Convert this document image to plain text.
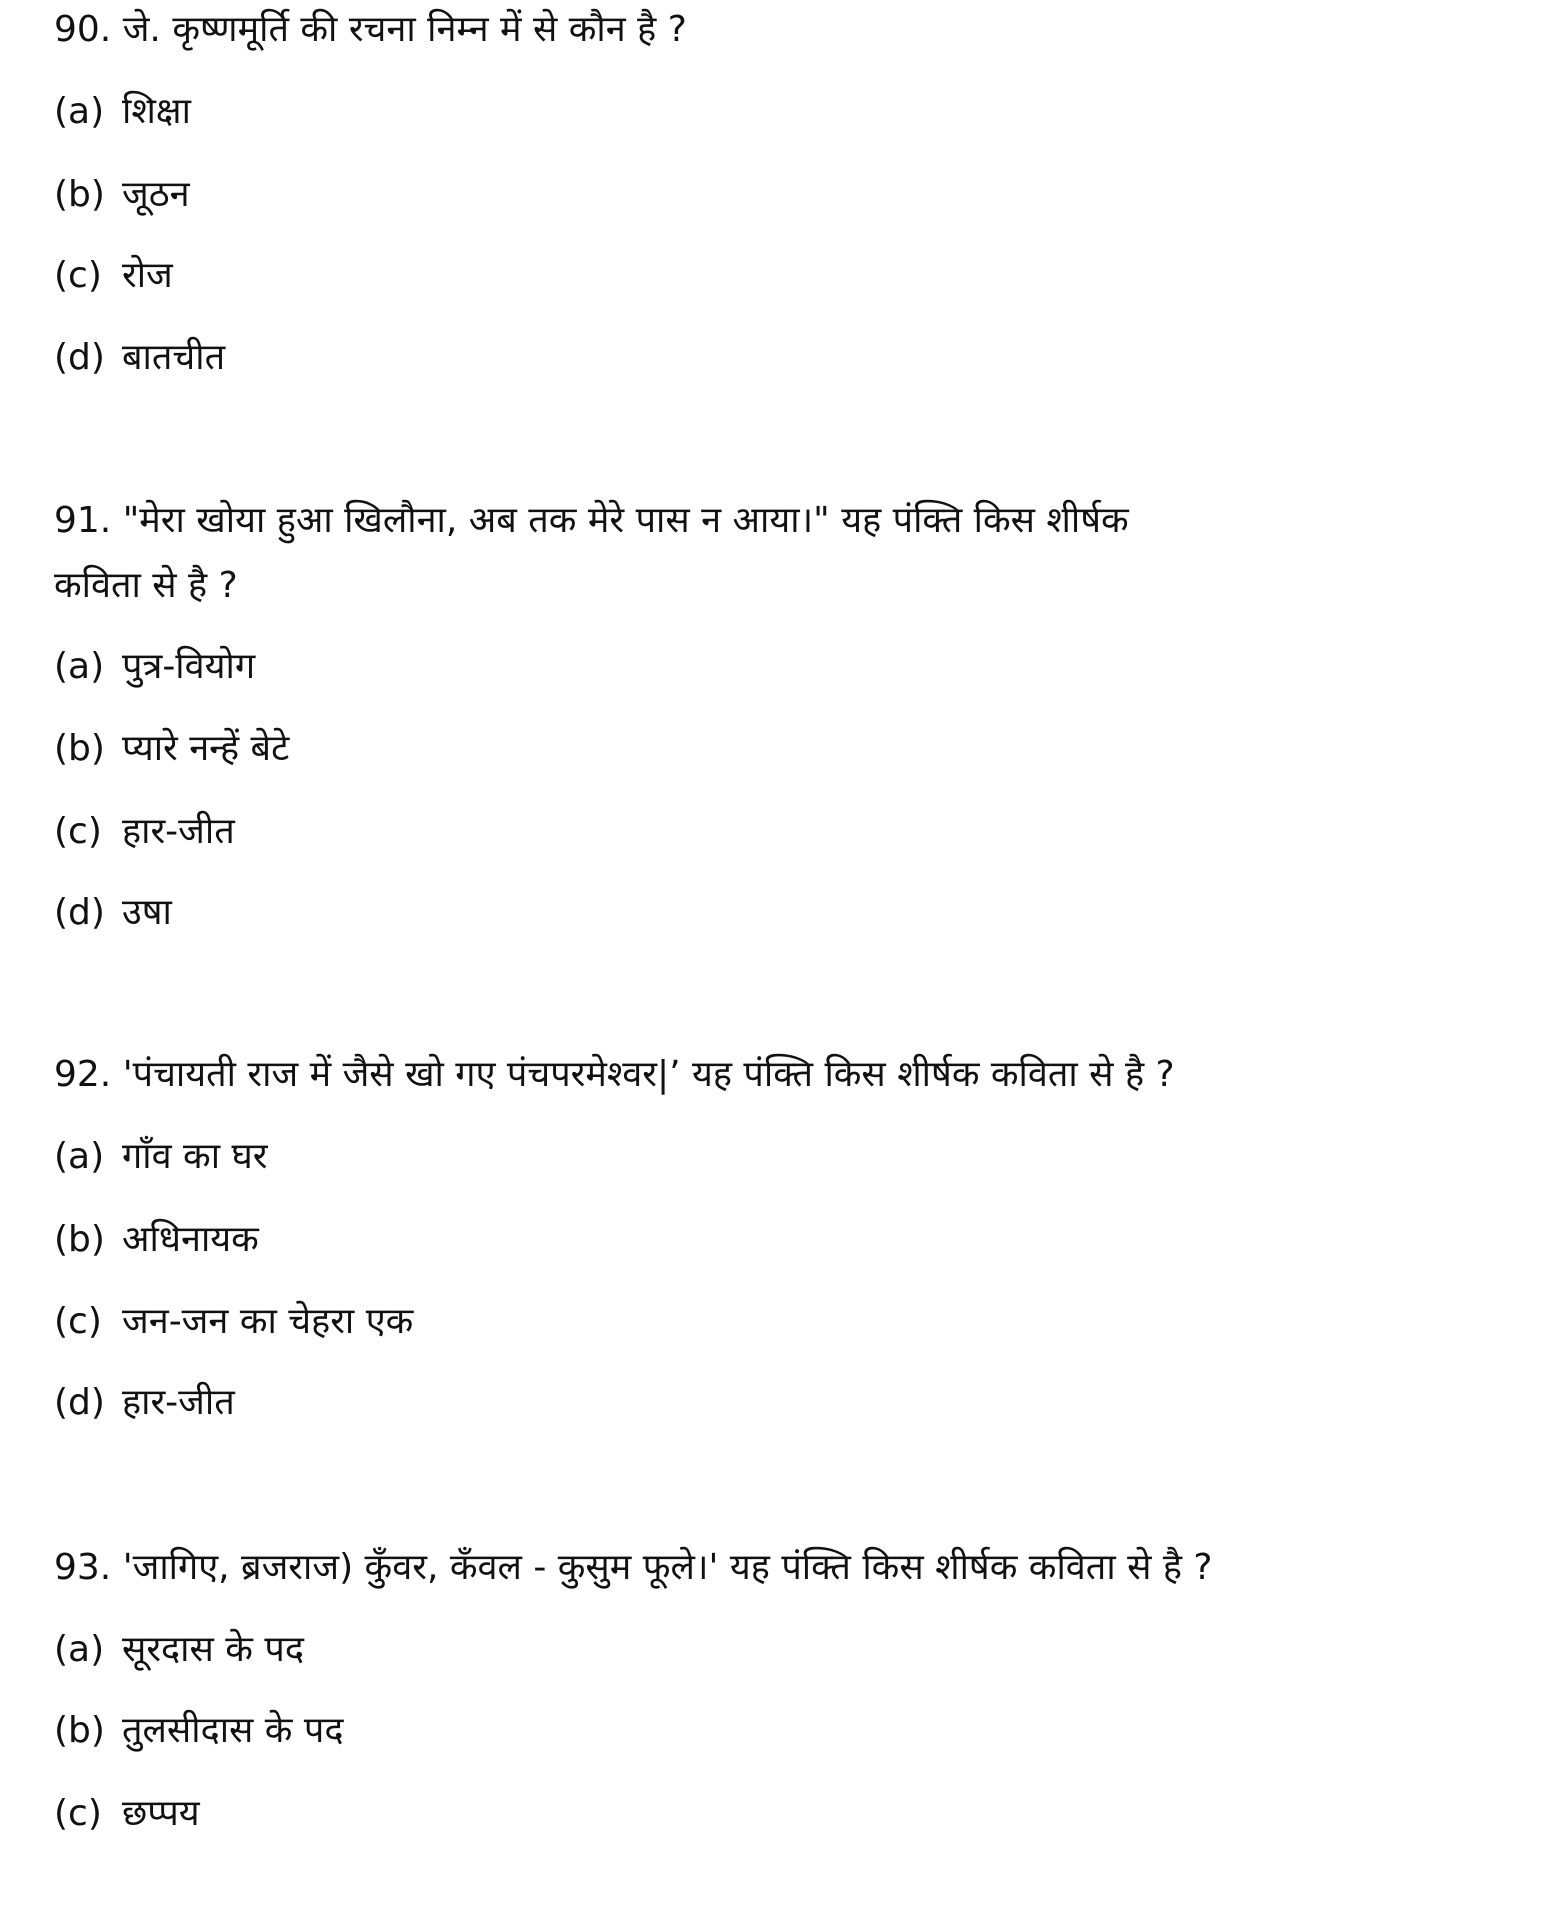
90. जे. कृष्णमूर्ति की रचना निम्न में से कौन है ?
(a) शिक्षा
(b) जूठन
(c) रोज
(d) बातचीत
91. "मेरा खोया हुआ खिलौना, अब तक मेरे पास न आया।" यह पंक्ति किस शीर्षक
कविता से है ?
(a) पुत्र-वियोग
(b) प्यारे नन्हें बेटे
(c) हार-जीत
(d) उषा
92. 'पंचायती राज में जैसे खो गए पंचपरमेश्वर|’ यह पंक्ति किस शीर्षक कविता से है ?
(a) गाँव का घर
(b) अधिनायक
(c) जन-जन का चेहरा एक
(d) हार-जीत
93. 'जागिए, ब्रजराज) कुँवर, कँवल - कुसुम फूले।' यह पंक्ति किस शीर्षक कविता से है ?
(a) सूरदास के पद
(b) तुलसीदास के पद
(c) छप्पय
